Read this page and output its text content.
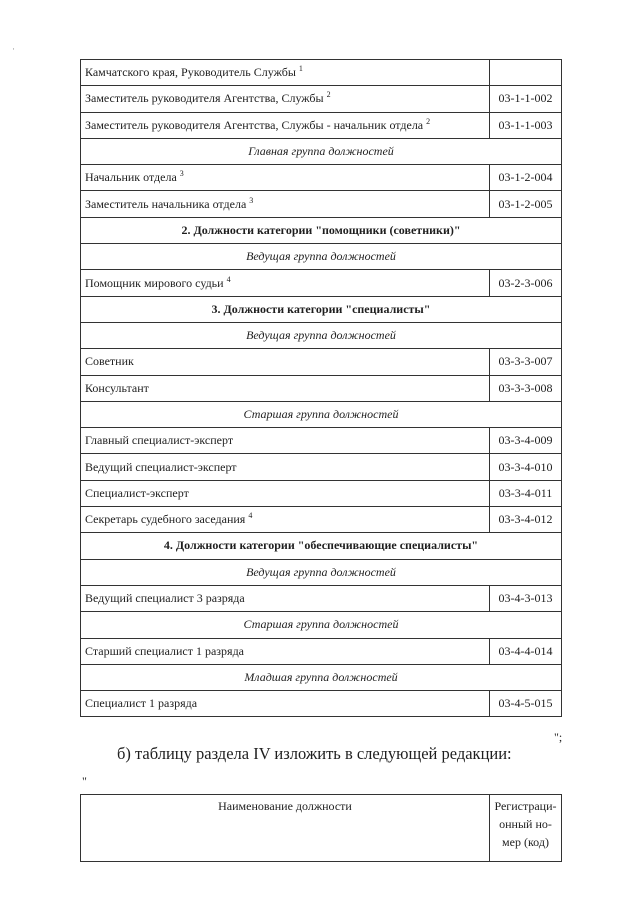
·
Камчатского края, Руководитель Службы $^1$	
Заместитель руководителя Агентства, Службы $^2$	03-1-1-002
Заместитель руководителя Агентства, Службы - начальник отдела $^2$	03-1-1-003
Главная группа должностей	
Начальник отдела $^3$	03-1-2-004
Заместитель начальника отдела $^3$	03-1-2-005
2. Должности категории "помощники (советники)"	
Ведущая группа должностей	
Помощник мирового судьи $^4$	03-2-3-006
3. Должности категории "специалисты"	
Ведущая группа должностей	
Советник	03-3-3-007
Консультант	03-3-3-008
Старшая группа должностей	
Главный специалист-эксперт	03-3-4-009
Ведущий специалист-эксперт	03-3-4-010
Специалист-эксперт	03-3-4-011
Секретарь судебного заседания $^4$	03-3-4-012
4. Должности категории "обеспечивающие специалисты"	
Ведущая группа должностей	
Ведущий специалист 3 разряда	03-4-3-013
Старшая группа должностей	
Старший специалист 1 разряда	03-4-4-014
Младшая группа должностей	
Специалист 1 разряда	03-4-5-015
";
б) таблицу раздела IV изложить в следующей редакции:
"
Наименование должности	Регистраци-
онный но-
мер (код)
